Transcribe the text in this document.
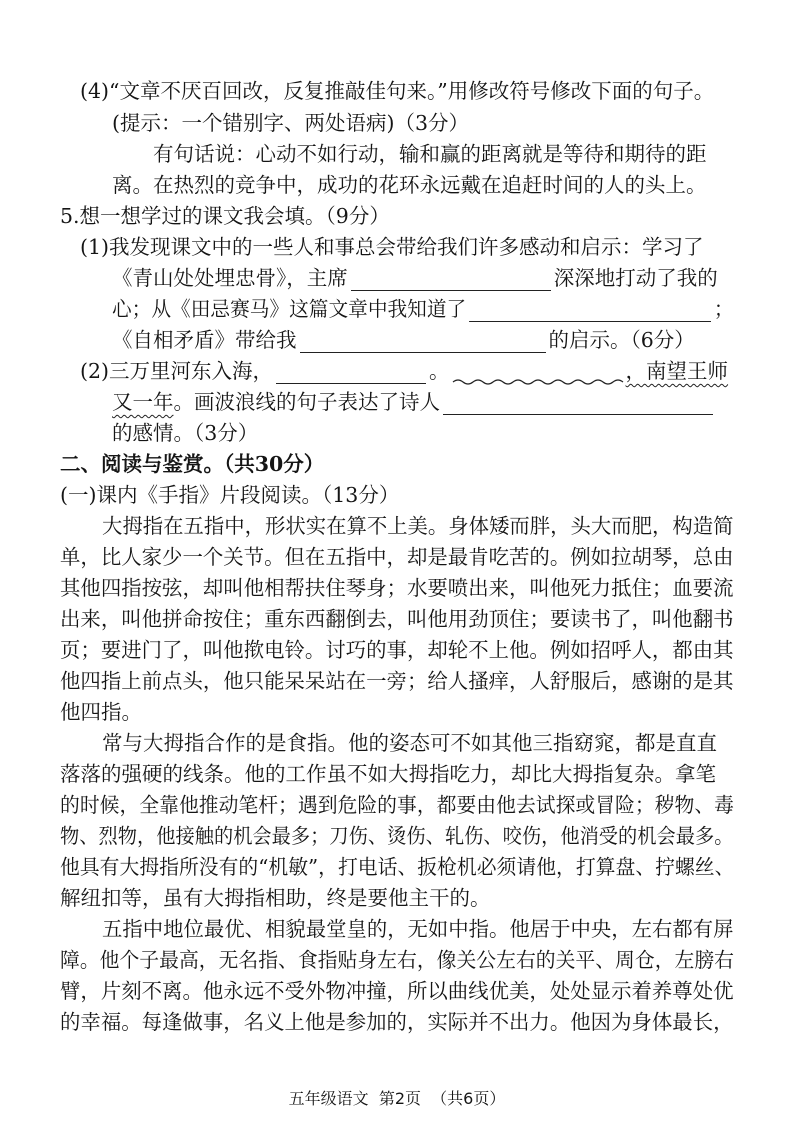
(4)“文章不厌百回改，反复推敲佳句来。”用修改符号修改下面的句子。
(提示：一个错别字、两处语病)（3分）
有句话说：心动不如行动，输和赢的距离就是等待和期待的距
离。在热烈的竞争中，成功的花环永远戴在追赶时间的人的头上。
5.想一想学过的课文我会填。（9分）
(1)我发现课文中的一些人和事总会带给我们许多感动和启示：学习了
《青山处处埋忠骨》，主席	深深地打动了我的
心；从《田忌赛马》这篇文章中我知道了	；
《自相矛盾》带给我	的启示。（6分）
(2)三万里河东入海，	。	，南望王师
又一年。画波浪线的句子表达了诗人
的感情。（3分）
二、阅读与鉴赏。（共30分）
(一)课内《手指》片段阅读。（13分）
大拇指在五指中，形状实在算不上美。身体矮而胖，头大而肥，构造简
单，比人家少一个关节。但在五指中，却是最肯吃苦的。例如拉胡琴，总由
其他四指按弦，却叫他相帮扶住琴身；水要喷出来，叫他死力抵住；血要流
出来，叫他拼命按住；重东西翻倒去，叫他用劲顶住；要读书了，叫他翻书
页；要进门了，叫他揿电铃。讨巧的事，却轮不上他。例如招呼人，都由其
他四指上前点头，他只能呆呆站在一旁；给人搔痒，人舒服后，感谢的是其
他四指。
常与大拇指合作的是食指。他的姿态可不如其他三指窈窕，都是直直
落落的强硬的线条。他的工作虽不如大拇指吃力，却比大拇指复杂。拿笔
的时候，全靠他推动笔杆；遇到危险的事，都要由他去试探或冒险；秽物、毒
物、烈物，他接触的机会最多；刀伤、烫伤、轧伤、咬伤，他消受的机会最多。
他具有大拇指所没有的“机敏”，打电话、扳枪机必须请他，打算盘、拧螺丝、
解纽扣等，虽有大拇指相助，终是要他主干的。
五指中地位最优、相貌最堂皇的，无如中指。他居于中央，左右都有屏
障。他个子最高，无名指、食指贴身左右，像关公左右的关平、周仓，左膀右
臂，片刻不离。他永远不受外物冲撞，所以曲线优美，处处显示着养尊处优
的幸福。每逢做事，名义上他是参加的，实际并不出力。他因为身体最长，
五年级语文  第2页  （共6页）
